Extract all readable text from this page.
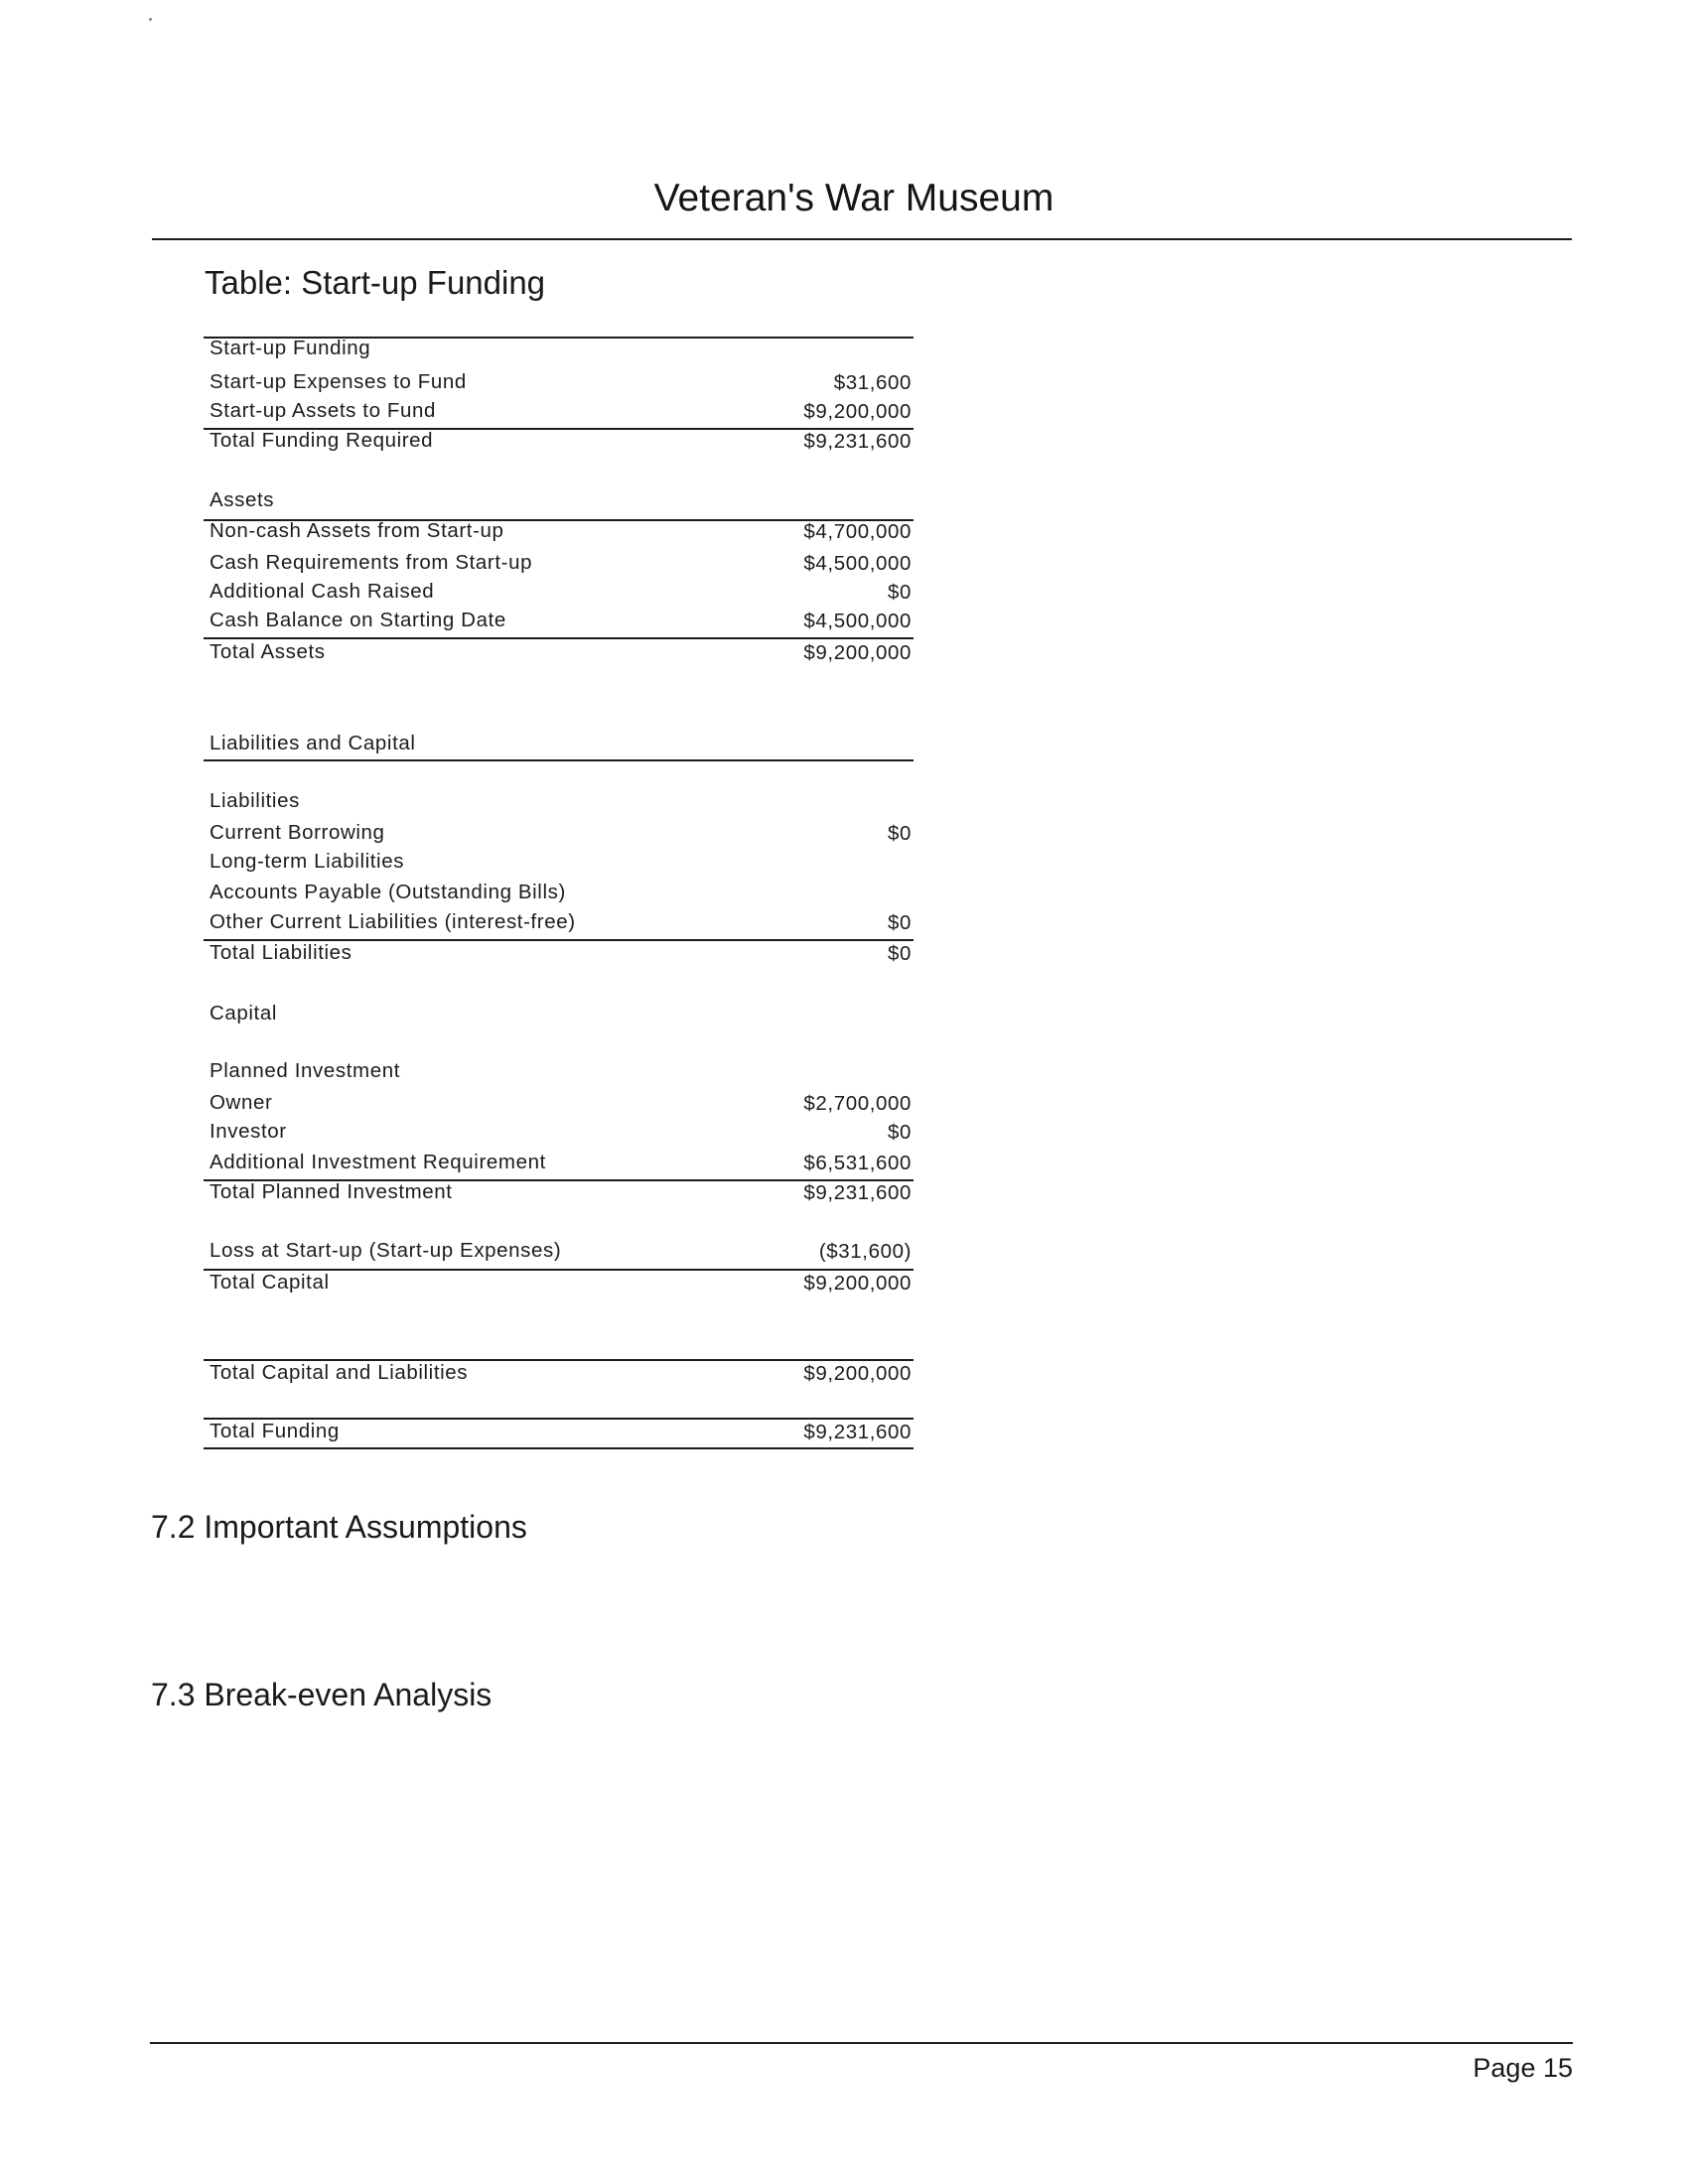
Veteran's War Museum
Table: Start-up Funding
Start-up Funding
Start-up Expenses to Fund	$31,600
Start-up Assets to Fund	$9,200,000
Total Funding Required	$9,231,600
Assets
Non-cash Assets from Start-up	$4,700,000
Cash Requirements from Start-up	$4,500,000
Additional Cash Raised	$0
Cash Balance on Starting Date	$4,500,000
Total Assets	$9,200,000
Liabilities and Capital
Liabilities
Current Borrowing	$0
Long-term Liabilities
Accounts Payable (Outstanding Bills)
Other Current Liabilities (interest-free)	$0
Total Liabilities	$0
Capital
Planned Investment
Owner	$2,700,000
Investor	$0
Additional Investment Requirement	$6,531,600
Total Planned Investment	$9,231,600
Loss at Start-up (Start-up Expenses)	($31,600)
Total Capital	$9,200,000
Total Capital and Liabilities	$9,200,000
Total Funding	$9,231,600
7.2 Important Assumptions
7.3 Break-even Analysis
Page 15
